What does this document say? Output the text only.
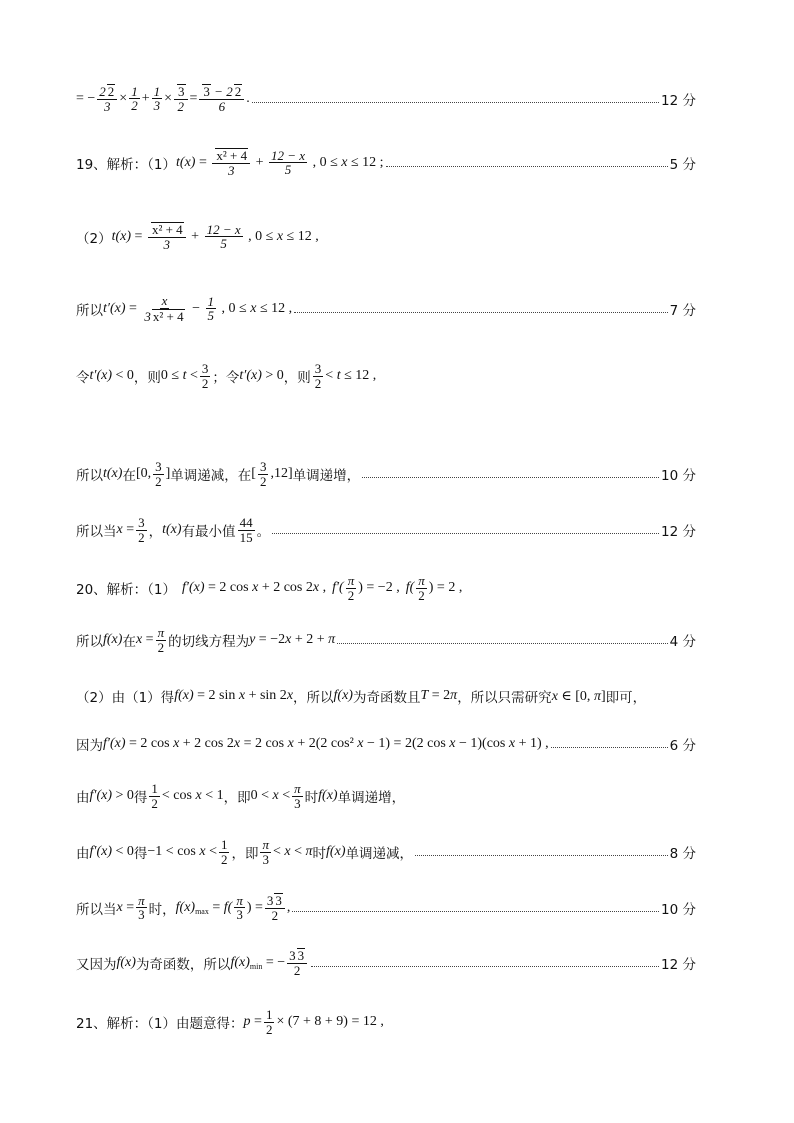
= − $\frac{2 2}{3} \times \frac{1}{2} + \frac{1}{3} \times \frac{3}{2} = \frac{3 - 2 2}{6}$ .	12 分
19、解析：（1） $t(x) = \frac{\text{x² + 4}}{3} + \frac{12 - x}{5}$ , 0 ≤ x ≤ 12 ;	5 分
（2） $t(x) = \frac{\text{x² + 4}}{3} + \frac{12 - x}{5}$ , 0 ≤ x ≤ 12 ,
所以 $t'(x) = \frac{x}{\text{3 x² + 4}} - \frac{1}{5}$ , 0 ≤ x ≤ 12 ,	7 分
令 t′(x) < 0 ，则 $0 \le t < \frac{3}{2}$ ；令 t′(x) > 0 ，则 $\frac{3}{2} < t \le 12$ ,
所以 t(x) 在 [0, $\frac{3}{2}$ ] 单调递减，在 [ $\frac{3}{2} ,12$] 单调递增，	10 分
所以当 $x = \frac{3}{2}$ ， t(x) 有最小值 $\frac{44}{15}$ 。	12 分
20、解析：（1） f′(x) = 2 cos x + 2 cos 2x , $f'( \frac{\pi}{2}$ ) = −2 , $f( \frac{\pi}{2}$ ) = 2 ,
所以 f(x) 在 $x = \frac{\pi}{2}$ 的切线方程为 y = −2x + 2 + π	4 分
（2）由（1）得 f(x) = 2 sin x + sin 2x ，所以 f(x) 为奇函数且 T = 2π ，所以只需研究 x ∈ [0, π] 即可，
因为 f′(x) = 2 cos x + 2 cos 2x = 2 cos x + 2(2 cos² x − 1) = 2(2 cos x − 1)(cos x + 1) ,	6 分
由 f′(x) > 0 得 $\frac{1}{2} < \cos x < 1$ ，即 $0 < x < \frac{\pi}{3}$ 时 f(x) 单调递增，
由 f′(x) < 0 得 $-1 < \cos x < \frac{1}{2}$ ，即 $\frac{\pi}{3} < x < \pi$ 时 f(x) 单调递减，	8 分
所以当 $x = \frac{\pi}{3}$ 时， $f(x)_{max} = f( \frac{\pi}{3}$ ) = $\frac{3 3}{2}$ ,	10 分
又因为 f(x) 为奇函数，所以 $f(x)_{min}$ = − $\frac{3 3}{2}$	12 分
21、解析：（1）由题意得： $p = \frac{1}{2} \times (7 + 8 + 9) = 12$ ,
